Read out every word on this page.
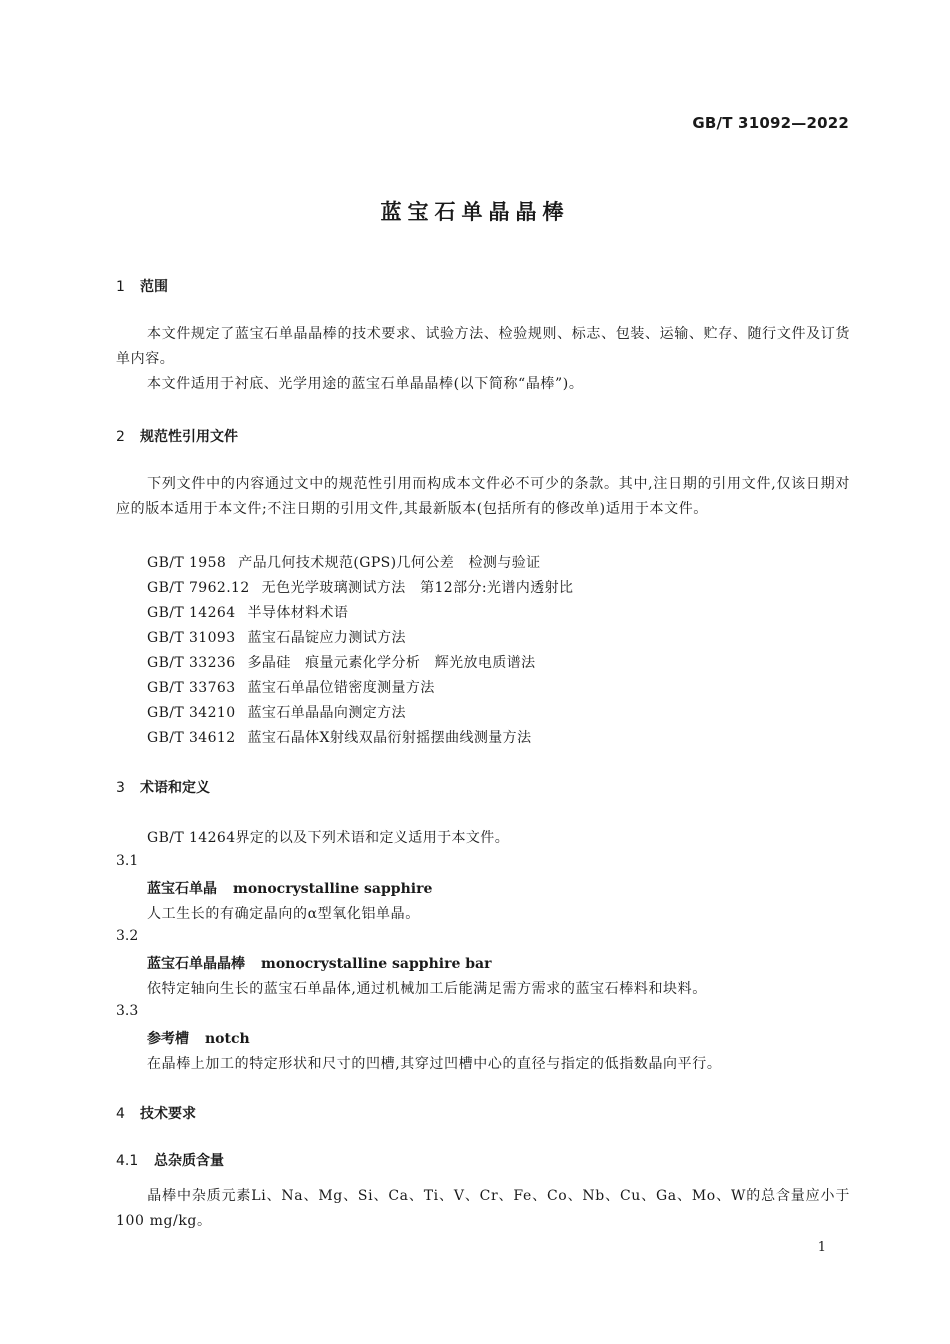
GB/T 31092—2022
蓝宝石单晶晶棒
1 范围
本文件规定了蓝宝石单晶晶棒的技术要求、试验方法、检验规则、标志、包装、运输、贮存、随行文件及订货单内容。
本文件适用于衬底、光学用途的蓝宝石单晶晶棒(以下简称“晶棒”)。
2 规范性引用文件
下列文件中的内容通过文中的规范性引用而构成本文件必不可少的条款。其中,注日期的引用文件,仅该日期对应的版本适用于本文件;不注日期的引用文件,其最新版本(包括所有的修改单)适用于本文件。
GB/T 1958 产品几何技术规范(GPS)几何公差　检测与验证
GB/T 7962.12 无色光学玻璃测试方法　第12部分:光谱内透射比
GB/T 14264 半导体材料术语
GB/T 31093 蓝宝石晶锭应力测试方法
GB/T 33236 多晶硅　痕量元素化学分析　辉光放电质谱法
GB/T 33763 蓝宝石单晶位错密度测量方法
GB/T 34210 蓝宝石单晶晶向测定方法
GB/T 34612 蓝宝石晶体X射线双晶衍射摇摆曲线测量方法
3 术语和定义
GB/T 14264界定的以及下列术语和定义适用于本文件。
3.1
蓝宝石单晶 monocrystalline sapphire
人工生长的有确定晶向的α型氧化铝单晶。
3.2
蓝宝石单晶晶棒 monocrystalline sapphire bar
依特定轴向生长的蓝宝石单晶体,通过机械加工后能满足需方需求的蓝宝石棒料和块料。
3.3
参考槽 notch
在晶棒上加工的特定形状和尺寸的凹槽,其穿过凹槽中心的直径与指定的低指数晶向平行。
4 技术要求
4.1 总杂质含量
晶棒中杂质元素Li、Na、Mg、Si、Ca、Ti、V、Cr、Fe、Co、Nb、Cu、Ga、Mo、W的总含量应小于100 mg/kg。
1
